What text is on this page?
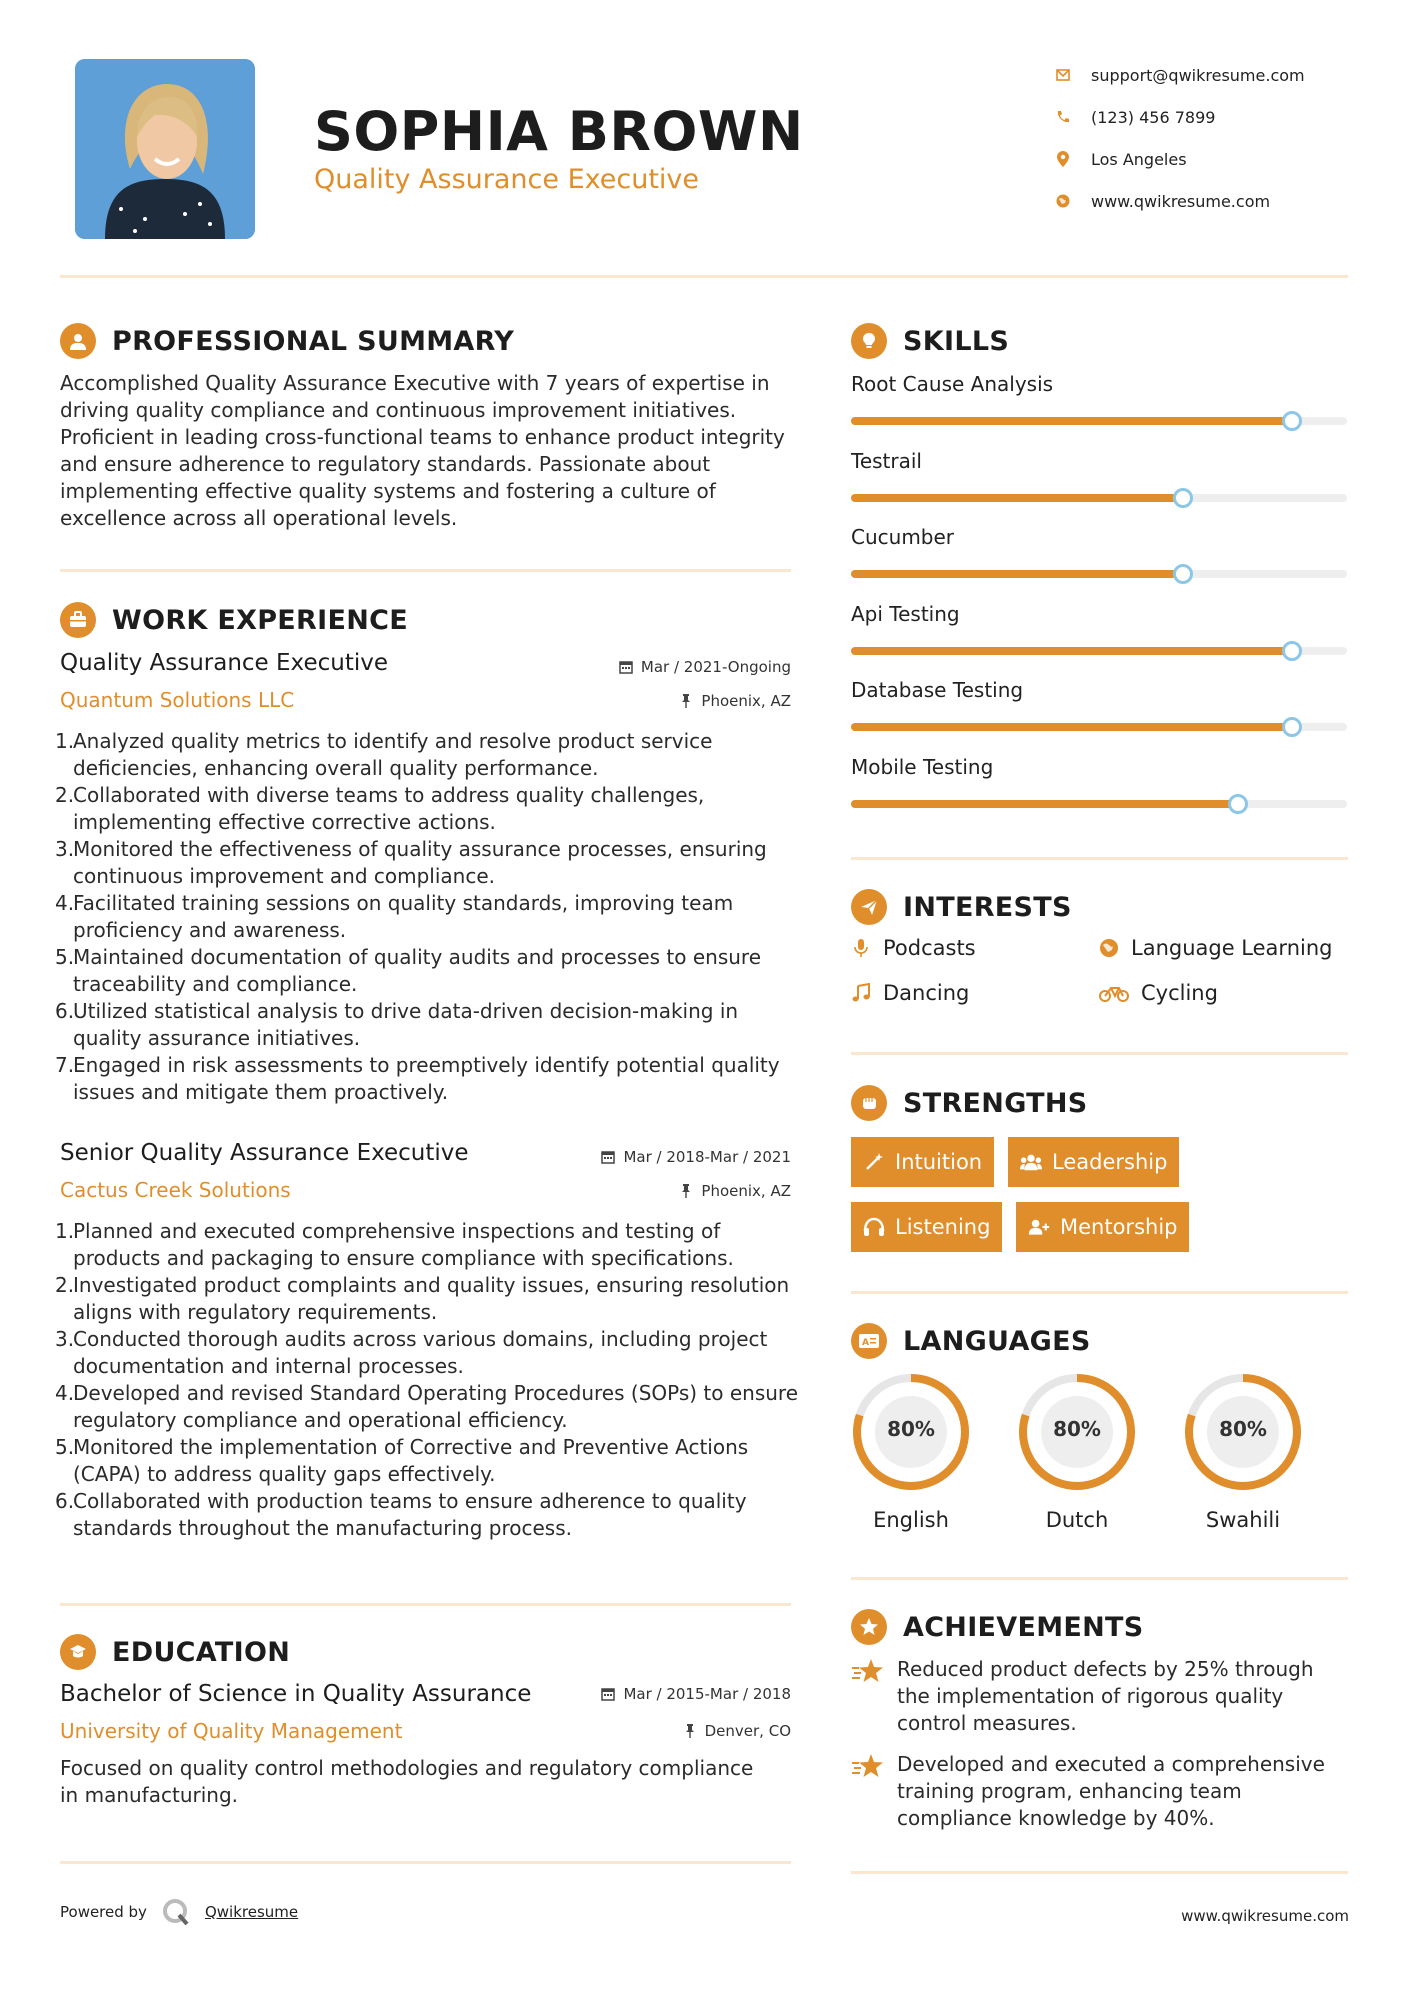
SOPHIA BROWN
Quality Assurance Executive
support@qwikresume.com
(123) 456 7899
Los Angeles
www.qwikresume.com
PROFESSIONAL SUMMARY
Accomplished Quality Assurance Executive with 7 years of expertise in driving quality compliance and continuous improvement initiatives. Proficient in leading cross-functional teams to enhance product integrity and ensure adherence to regulatory standards. Passionate about implementing effective quality systems and fostering a culture of excellence across all operational levels.
WORK EXPERIENCE
Quality Assurance Executive	Mar / 2021-Ongoing
Quantum Solutions LLC	Phoenix, AZ
1.
Analyzed quality metrics to identify and resolve product service deficiencies, enhancing overall quality performance.
2.
Collaborated with diverse teams to address quality challenges, implementing effective corrective actions.
3.
Monitored the effectiveness of quality assurance processes, ensuring continuous improvement and compliance.
4.
Facilitated training sessions on quality standards, improving team proficiency and awareness.
5.
Maintained documentation of quality audits and processes to ensure traceability and compliance.
6.
Utilized statistical analysis to drive data-driven decision-making in quality assurance initiatives.
7.
Engaged in risk assessments to preemptively identify potential quality issues and mitigate them proactively.
Senior Quality Assurance Executive	Mar / 2018-Mar / 2021
Cactus Creek Solutions	Phoenix, AZ
1.
Planned and executed comprehensive inspections and testing of products and packaging to ensure compliance with specifications.
2.
Investigated product complaints and quality issues, ensuring resolution aligns with regulatory requirements.
3.
Conducted thorough audits across various domains, including project documentation and internal processes.
4.
Developed and revised Standard Operating Procedures (SOPs) to ensure regulatory compliance and operational efficiency.
5.
Monitored the implementation of Corrective and Preventive Actions (CAPA) to address quality gaps effectively.
6.
Collaborated with production teams to ensure adherence to quality standards throughout the manufacturing process.
EDUCATION
Bachelor of Science in Quality Assurance	Mar / 2015-Mar / 2018
University of Quality Management	Denver, CO
Focused on quality control methodologies and regulatory compliance in manufacturing.
SKILLS
Root Cause Analysis
Testrail
Cucumber
Api Testing
Database Testing
Mobile Testing
INTERESTS
Podcasts	Language Learning
Dancing	Cycling
STRENGTHS
Intuition	Leadership
Listening	Mentorship
A LANGUAGES
80%
English
80%
Dutch
80%
Swahili
ACHIEVEMENTS
Reduced product defects by 25% through the implementation of rigorous quality control measures.
Developed and executed a comprehensive training program, enhancing team compliance knowledge by 40%.
Powered by	Qwikresume	www.qwikresume.com
